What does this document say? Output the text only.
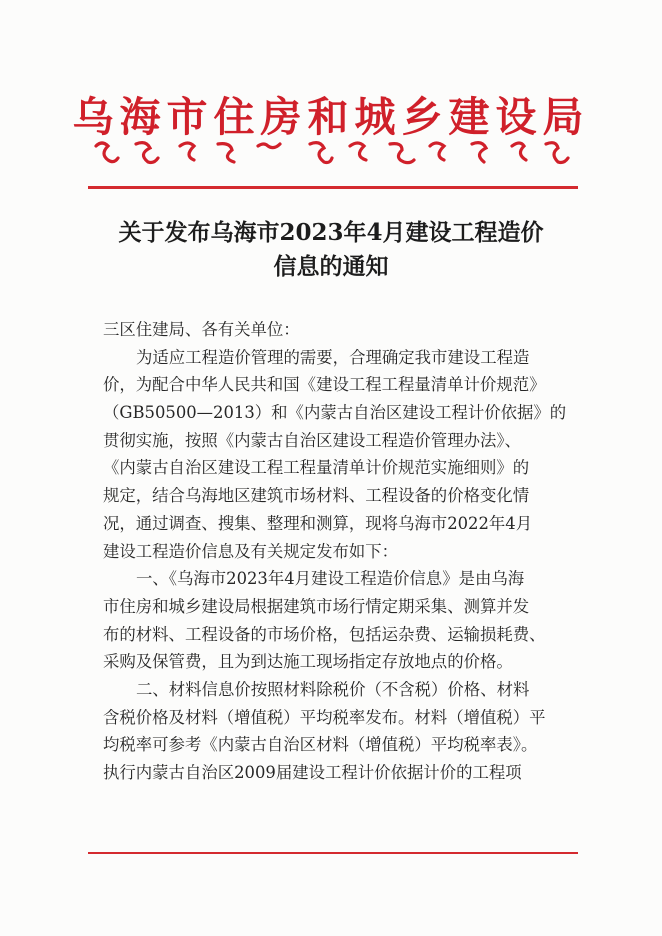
乌海市住房和城乡建设局
关于发布乌海市2023年4月建设工程造价
信息的通知
三区住建局、各有关单位：
为适应工程造价管理的需要，合理确定我市建设工程造
价，为配合中华人民共和国《建设工程工程量清单计价规范》
（GB50500—2013）和《内蒙古自治区建设工程计价依据》的
贯彻实施，按照《内蒙古自治区建设工程造价管理办法》、
《内蒙古自治区建设工程工程量清单计价规范实施细则》的
规定，结合乌海地区建筑市场材料、工程设备的价格变化情
况，通过调查、搜集、整理和测算，现将乌海市2022年4月
建设工程造价信息及有关规定发布如下：
一、《乌海市2023年4月建设工程造价信息》是由乌海
市住房和城乡建设局根据建筑市场行情定期采集、测算并发
布的材料、工程设备的市场价格，包括运杂费、运输损耗费、
采购及保管费，且为到达施工现场指定存放地点的价格。
二、材料信息价按照材料除税价（不含税）价格、材料
含税价格及材料（增值税）平均税率发布。材料（增值税）平
均税率可参考《内蒙古自治区材料（增值税）平均税率表》。
执行内蒙古自治区2009届建设工程计价依据计价的工程项
